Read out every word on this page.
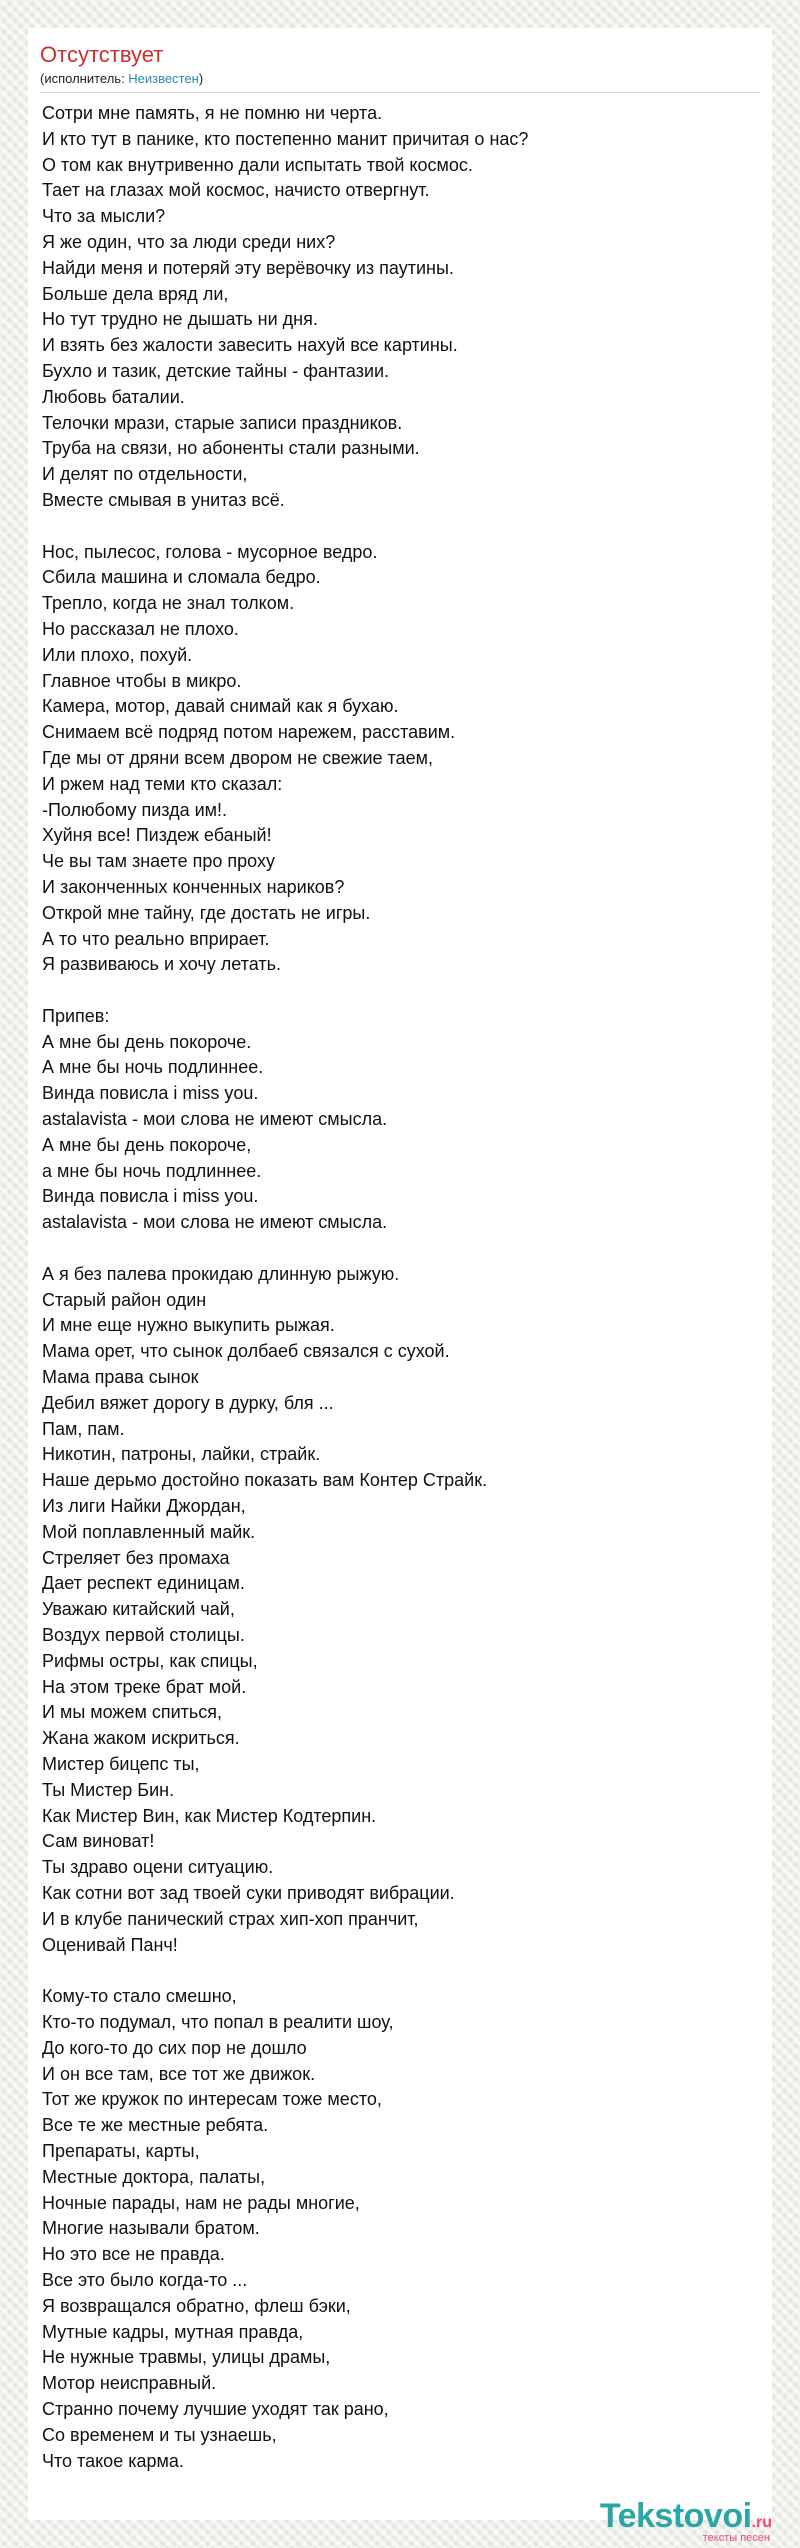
Отсутствует
(исполнитель: Неизвестен)
Сотри мне память, я не помню ни черта.
И кто тут в панике, кто постепенно манит причитая о нас?
О том как внутривенно дали испытать твой космос.
Тает на глазах мой космос, начисто отвергнут.
Что за мысли?
Я же один, что за люди среди них?
Найди меня и потеряй эту верёвочку из паутины.
Больше дела вряд ли,
Но тут трудно не дышать ни дня.
И взять без жалости завесить нахуй все картины.
Бухло и тазик, детские тайны - фантазии.
Любовь баталии.
Телочки мрази, старые записи праздников.
Труба на связи, но абоненты стали разными.
И делят по отдельности,
Вместе смывая в унитаз всё.

Нос, пылесос, голова - мусорное ведро.
Сбила машина и сломала бедро.
Трепло, когда не знал толком.
Но рассказал не плохо.
Или плохо, похуй.
Главное чтобы в микро.
Камера, мотор, давай снимай как я бухаю.
Снимаем всё подряд потом нарежем, расставим.
Где мы от дряни всем двором не свежие таем,
И ржем над теми кто сказал:
-Полюбому пизда им!.
Хуйня все! Пиздеж ебаный!
Че вы там знаете про проху
И законченных конченных нариков?
Открой мне тайну, где достать не игры.
А то что реально вприрает.
Я развиваюсь и хочу летать.

Припев:
А мне бы день покороче.
А мне бы ночь подлиннее.
Винда повисла i miss you.
astalavista - мои слова не имеют смысла.
А мне бы день покороче,
а мне бы ночь подлиннее.
Винда повисла i miss you.
astalavista - мои слова не имеют смысла.

А я без палева прокидаю длинную рыжую.
Старый район один
И мне еще нужно выкупить рыжая.
Мама орет, что сынок долбаеб связался с сухой.
Мама права сынок
Дебил вяжет дорогу в дурку, бля ...
Пам, пам.
Никотин, патроны, лайки, страйк.
Наше дерьмо достойно показать вам Контер Страйк.
Из лиги Найки Джордан,
Мой поплавленный майк.
Стреляет без промаха
Дает респект единицам.
Уважаю китайский чай,
Воздух первой столицы.
Рифмы остры, как спицы,
На этом треке брат мой.
И мы можем спиться,
Жана жаком искриться.
Мистер бицепс ты,
Ты Мистер Бин.
Как Мистер Вин, как Мистер Кодтерпин.
Сам виноват!
Ты здраво оцени ситуацию.
Как сотни вот зад твоей суки приводят вибрации.
И в клубе панический страх хип-хоп пранчит,
Оценивай Панч!

Кому-то стало смешно,
Кто-то подумал, что попал в реалити шоу,
До кого-то до сих пор не дошло
И он все там, все тот же движок.
Тот же кружок по интересам тоже место,
Все те же местные ребята.
Препараты, карты,
Местные доктора, палаты,
Ночные парады, нам не рады многие,
Многие называли братом.
Но это все не правда.
Все это было когда-то ...
Я возвращался обратно, флеш бэки,
Мутные кадры, мутная правда,
Не нужные травмы, улицы драмы,
Мотор неисправный.
Странно почему лучшие уходят так рано,
Со временем и ты узнаешь,
Что такое карма.
Tekstovoi.ru
тексты песен
